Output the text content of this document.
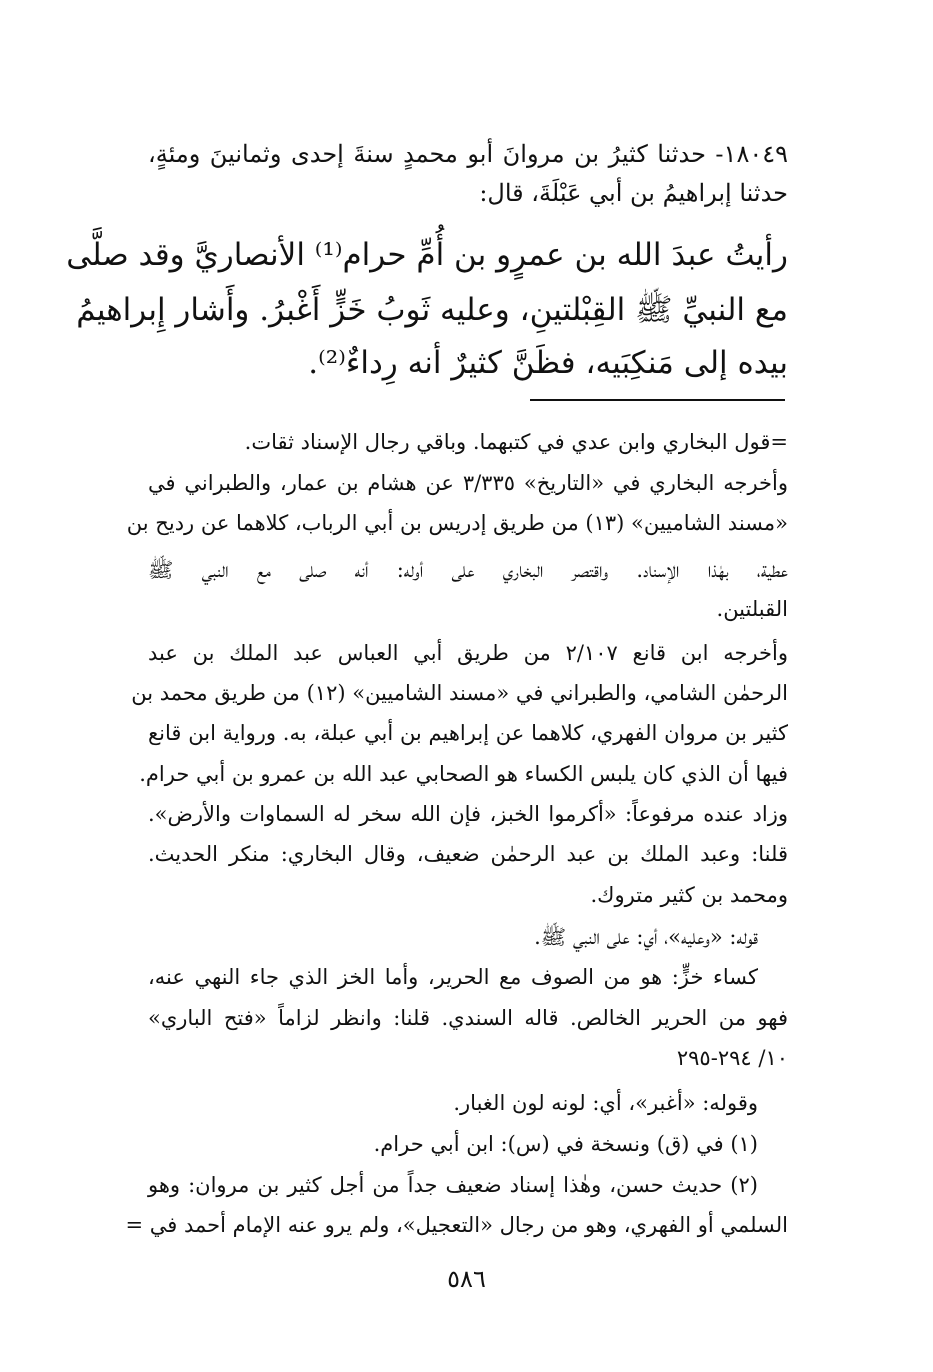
١٨٠٤٩- حدثنا كثيرُ بن مروانَ أبو محمدٍ سنةَ إحدى وثمانينَ ومئةٍ،
حدثنا إبراهيمُ بن أبي عَبْلَةَ، قال:
رأيتُ عبدَ الله بن عمرٍو بن أُمِّ حرام⁽¹⁾ الأنصاريَّ وقد صلَّى
مع النبيِّ ﷺ القِبْلتينِ، وعليه ثَوبُ خَزٍّ أَغْبرُ. وأَشار إِبراهيمُ
بيده إلى مَنكِبَيه، فظَنَّ كثيرٌ أنه رِداءٌ⁽²⁾.
=قول البخاري وابن عدي في كتبهما. وباقي رجال الإسناد ثقات.
وأخرجه البخاري في «التاريخ» ٣/٣٣٥ عن هشام بن عمار، والطبراني في
«مسند الشاميين» (١٣) من طريق إدريس بن أبي الرباب، كلاهما عن رديح بن
عطية، بهٰذا الإسناد. واقتصر البخاري على أوله: أنه صلى مع النبي ﷺ
القبلتين.
وأخرجه ابن قانع ٢/١٠٧ من طريق أبي العباس عبد الملك بن عبد
الرحمٰن الشامي، والطبراني في «مسند الشاميين» (١٢) من طريق محمد بن
كثير بن مروان الفهري، كلاهما عن إبراهيم بن أبي عبلة، به. ورواية ابن قانع
فيها أن الذي كان يلبس الكساء هو الصحابي عبد الله بن عمرو بن أبي حرام.
وزاد عنده مرفوعاً: «أكرموا الخبز، فإن الله سخر له السماوات والأرض».
قلنا: وعبد الملك بن عبد الرحمٰن ضعيف، وقال البخاري: منكر الحديث.
ومحمد بن كثير متروك.
قوله: «وعليه»، أي: على النبي ﷺ.
كساء خزٍّ: هو من الصوف مع الحرير، وأما الخز الذي جاء النهي عنه،
فهو من الحرير الخالص. قاله السندي. قلنا: وانظر لزاماً «فتح الباري»
١٠/ ٢٩٤-٢٩٥
وقوله: «أغبر»، أي: لونه لون الغبار.
(١) في (ق) ونسخة في (س): ابن أبي حرام.
(٢) حديث حسن، وهٰذا إسناد ضعيف جداً من أجل كثير بن مروان: وهو
السلمي أو الفهري، وهو من رجال «التعجيل»، ولم يرو عنه الإمام أحمد في =
٥٨٦
